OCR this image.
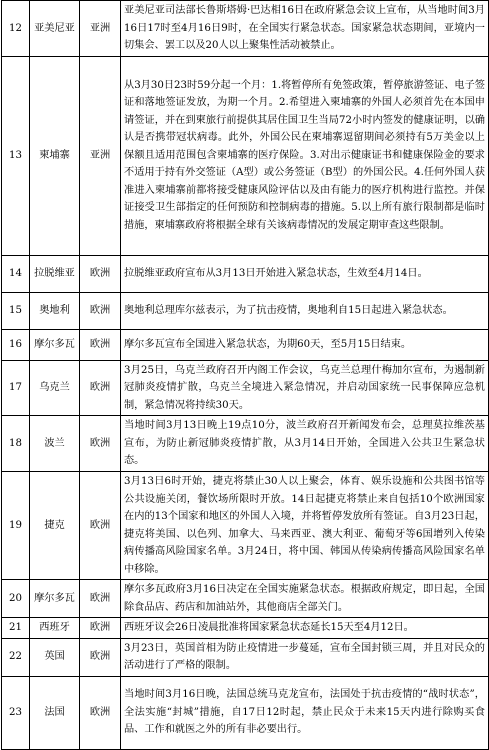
12	亚美尼亚	亚洲	亚美尼亚司法部长鲁斯塔姆·巴达相16日在政府紧急会议上宣布，从当地时间3月16日17时至4月16日9时，在全国实行紧急状态。国家紧急状态期间，亚境内一切集会、罢工以及20人以上聚集性活动被禁止。
13	柬埔寨	亚洲	从3月30日23时59分起一个月：1.将暂停所有免签政策，暂停旅游签证、电子签证和落地签证发放，为期一个月。2.希望进入柬埔寨的外国人必须首先在本国申请签证，并在到柬旅行前提供其居住国卫生当局72小时内签发的健康证明，以确认是否携带冠状病毒。此外，外国公民在柬埔寨逗留期间必须持有5万美金以上保额且适用范围包含柬埔寨的医疗保险。3.对出示健康证书和健康保险金的要求不适用于持有外交签证（A型）或公务签证（B型）的外国公民。4.任何外国人获准进入柬埔寨前都将接受健康风险评估以及由有能力的医疗机构进行监控。并保证接受卫生部指定的任何预防和控制病毒的措施。5.以上所有旅行限制都是临时措施，柬埔寨政府将根据全球有关该病毒情况的发展定期审查这些限制。
14	拉脱维亚	欧洲	拉脱维亚政府宣布从3月13日开始进入紧急状态，生效至4月14日。
15	奥地利	欧洲	奥地利总理库尔兹表示，为了抗击疫情，奥地利自15日起进入紧急状态。
16	摩尔多瓦	欧洲	摩尔多瓦宣布全国进入紧急状态，为期60天，至5月15日结束。
17	乌克兰	欧洲	3月25日，乌克兰政府召开内阁工作会议，乌克兰总理什梅加尔宣布，为遏制新冠肺炎疫情扩散，乌克兰全境进入紧急情况，并启动国家统一民事保障应急机制，紧急情况将持续30天。
18	波兰	欧洲	当地时间3月13日晚上19点10分，波兰政府召开新闻发布会，总理莫拉维茨基宣布，为防止新冠肺炎疫情扩散，从3月14日开始，全国进入公共卫生紧急状态。
19	捷克	欧洲	3月13日6时开始，捷克将禁止30人以上聚会，体育、娱乐设施和公共图书馆等公共设施关闭，餐饮场所限时开放。14日起捷克将禁止来自包括10个欧洲国家在内的13个国家和地区的外国人入境，并将暂停发放所有签证。自3月23日起，捷克将美国、以色列、加拿大、马来西亚、澳大利亚、葡萄牙等6国增列入传染病传播高风险国家名单。3月24日，将中国、韩国从传染病传播高风险国家名单中移除。
20	摩尔多瓦	欧洲	摩尔多瓦政府3月16日决定在全国实施紧急状态。根据政府规定，即日起，全国除食品店、药店和加油站外，其他商店全部关门。
21	西班牙	欧洲	西班牙议会26日凌晨批准将国家紧急状态延长15天至4月12日。
22	英国	欧洲	3月23日，英国首相为防止疫情进一步蔓延，宣布全国封锁三周，并且对民众的活动进行了严格的限制。
23	法国	欧洲	当地时间3月16日晚，法国总统马克龙宣布，法国处于抗击疫情的“战时状态”，全法实施“封城”措施，自17日12时起，禁止民众于未来15天内进行除购买食品、工作和就医之外的所有非必要出行。
